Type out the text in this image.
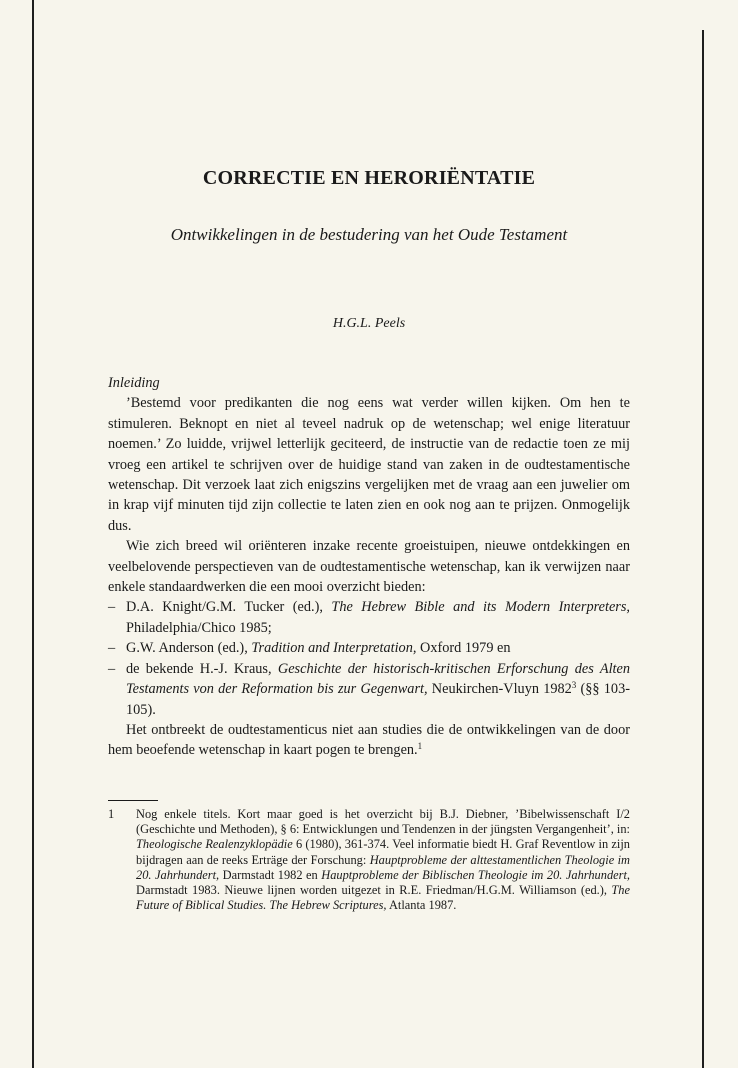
CORRECTIE EN HERORIËNTATIE

Ontwikkelingen in de bestudering van het Oude Testament

H.G.L. Peels

Inleiding

’Bestemd voor predikanten die nog eens wat verder willen kijken. Om hen te stimuleren. Beknopt en niet al teveel nadruk op de wetenschap; wel enige literatuur noemen.’ Zo luidde, vrijwel letterlijk geciteerd, de instructie van de redactie toen ze mij vroeg een artikel te schrijven over de huidige stand van zaken in de oudtestamentische wetenschap. Dit verzoek laat zich enigszins vergelijken met de vraag aan een juwelier om in krap vijf minuten tijd zijn collectie te laten zien en ook nog aan te prijzen. Onmogelijk dus.

Wie zich breed wil oriënteren inzake recente groeistuipen, nieuwe ontdekkingen en veelbelovende perspectieven van de oudtestamentische wetenschap, kan ik verwijzen naar enkele standaardwerken die een mooi overzicht bieden:

– D.A. Knight/G.M. Tucker (ed.), The Hebrew Bible and its Modern Interpreters, Philadelphia/Chico 1985;
– G.W. Anderson (ed.), Tradition and Interpretation, Oxford 1979 en
– de bekende H.-J. Kraus, Geschichte der historisch-kritischen Erforschung des Alten Testaments von der Reformation bis zur Gegenwart, Neukirchen-Vluyn 1982$^3$ (§§ 103-105).

Het ontbreekt de oudtestamenticus niet aan studies die de ontwikkelingen van de door hem beoefende wetenschap in kaart pogen te brengen.$^1$

1	Nog enkele titels. Kort maar goed is het overzicht bij B.J. Diebner, ’Bibelwissenschaft I/2 (Geschichte und Methoden), § 6: Entwicklungen und Tendenzen in der jüngsten Vergangenheit’, in: Theologische Realenzyklopädie 6 (1980), 361-374. Veel informatie biedt H. Graf Reventlow in zijn bijdragen aan de reeks Erträge der Forschung: Hauptprobleme der alttestamentlichen Theologie im 20. Jahrhundert, Darmstadt 1982 en Hauptprobleme der Biblischen Theologie im 20. Jahrhundert, Darmstadt 1983. Nieuwe lijnen worden uitgezet in R.E. Friedman/H.G.M. Williamson (ed.), The Future of Biblical Studies. The Hebrew Scriptures, Atlanta 1987.
